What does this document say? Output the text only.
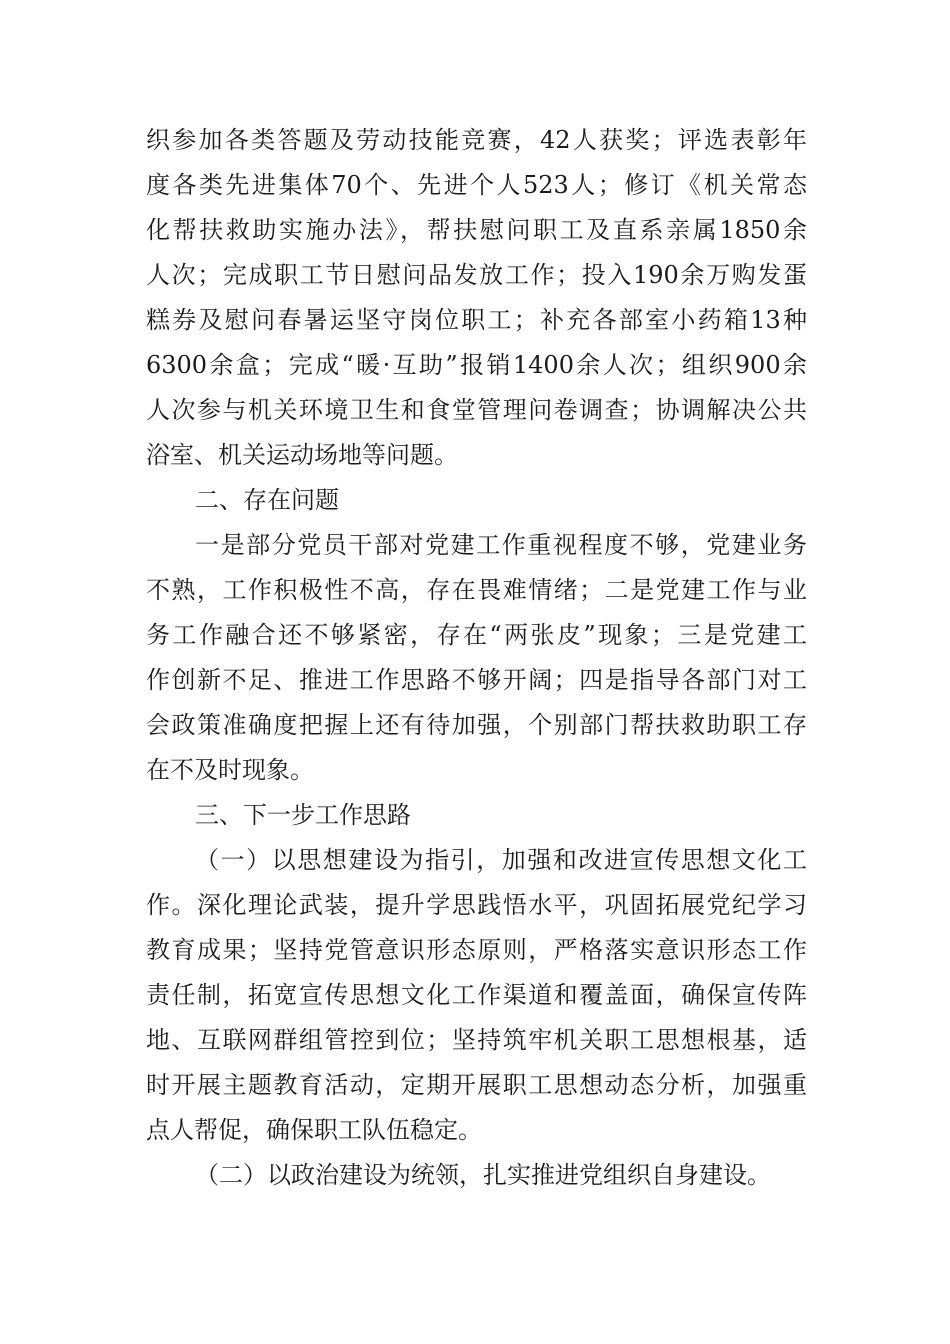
织参加各类答题及劳动技能竞赛，42人获奖；评选表彰年
度各类先进集体70个、先进个人523人；修订《机关常态
化帮扶救助实施办法》，帮扶慰问职工及直系亲属1850余
人次；完成职工节日慰问品发放工作；投入190余万购发蛋
糕券及慰问春暑运坚守岗位职工；补充各部室小药箱13种
6300余盒；完成“暖·互助”报销1400余人次；组织900余
人次参与机关环境卫生和食堂管理问卷调查；协调解决公共
浴室、机关运动场地等问题。
二、存在问题
一是部分党员干部对党建工作重视程度不够，党建业务
不熟，工作积极性不高，存在畏难情绪；二是党建工作与业
务工作融合还不够紧密，存在“两张皮”现象；三是党建工
作创新不足、推进工作思路不够开阔；四是指导各部门对工
会政策准确度把握上还有待加强，个别部门帮扶救助职工存
在不及时现象。
三、下一步工作思路
（一）以思想建设为指引，加强和改进宣传思想文化工
作。深化理论武装，提升学思践悟水平，巩固拓展党纪学习
教育成果；坚持党管意识形态原则，严格落实意识形态工作
责任制，拓宽宣传思想文化工作渠道和覆盖面，确保宣传阵
地、互联网群组管控到位；坚持筑牢机关职工思想根基，适
时开展主题教育活动，定期开展职工思想动态分析，加强重
点人帮促，确保职工队伍稳定。
（二）以政治建设为统领，扎实推进党组织自身建设。
